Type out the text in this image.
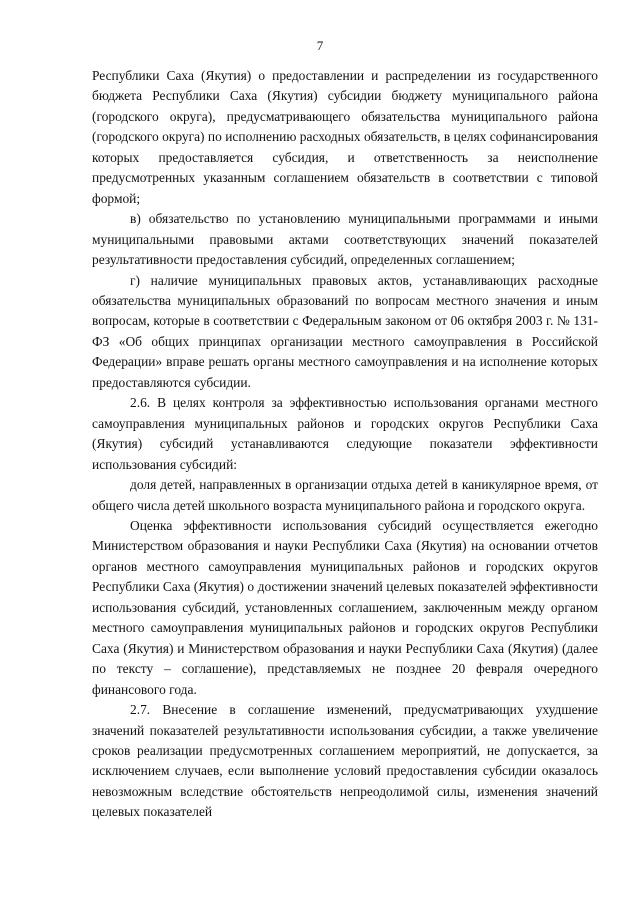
7

Республики Саха (Якутия) о предоставлении и распределении из государственного бюджета Республики Саха (Якутия) субсидии бюджету муниципального района (городского округа), предусматривающего обязательства муниципального района (городского округа) по исполнению расходных обязательств, в целях софинансирования которых предоставляется субсидия, и ответственность за неисполнение предусмотренных указанным соглашением обязательств в соответствии с типовой формой;

в) обязательство по установлению муниципальными программами и иными муниципальными правовыми актами соответствующих значений показателей результативности предоставления субсидий, определенных соглашением;

г) наличие муниципальных правовых актов, устанавливающих расходные обязательства муниципальных образований по вопросам местного значения и иным вопросам, которые в соответствии с Федеральным законом от 06 октября 2003 г. № 131-ФЗ «Об общих принципах организации местного самоуправления в Российской Федерации» вправе решать органы местного самоуправления и на исполнение которых предоставляются субсидии.

2.6. В целях контроля за эффективностью использования органами местного самоуправления муниципальных районов и городских округов Республики Саха (Якутия) субсидий устанавливаются следующие показатели эффективности использования субсидий:

доля детей, направленных в организации отдыха детей в каникулярное время, от общего числа детей школьного возраста муниципального района и городского округа.

Оценка эффективности использования субсидий осуществляется ежегодно Министерством образования и науки Республики Саха (Якутия) на основании отчетов органов местного самоуправления муниципальных районов и городских округов Республики Саха (Якутия) о достижении значений целевых показателей эффективности использования субсидий, установленных соглашением, заключенным между органом местного самоуправления муниципальных районов и городских округов Республики Саха (Якутия) и Министерством образования и науки Республики Саха (Якутия) (далее по тексту – соглашение), представляемых не позднее 20 февраля очередного финансового года.

2.7. Внесение в соглашение изменений, предусматривающих ухудшение значений показателей результативности использования субсидии, а также увеличение сроков реализации предусмотренных соглашением мероприятий, не допускается, за исключением случаев, если выполнение условий предоставления субсидии оказалось невозможным вследствие обстоятельств непреодолимой силы, изменения значений целевых показателей
